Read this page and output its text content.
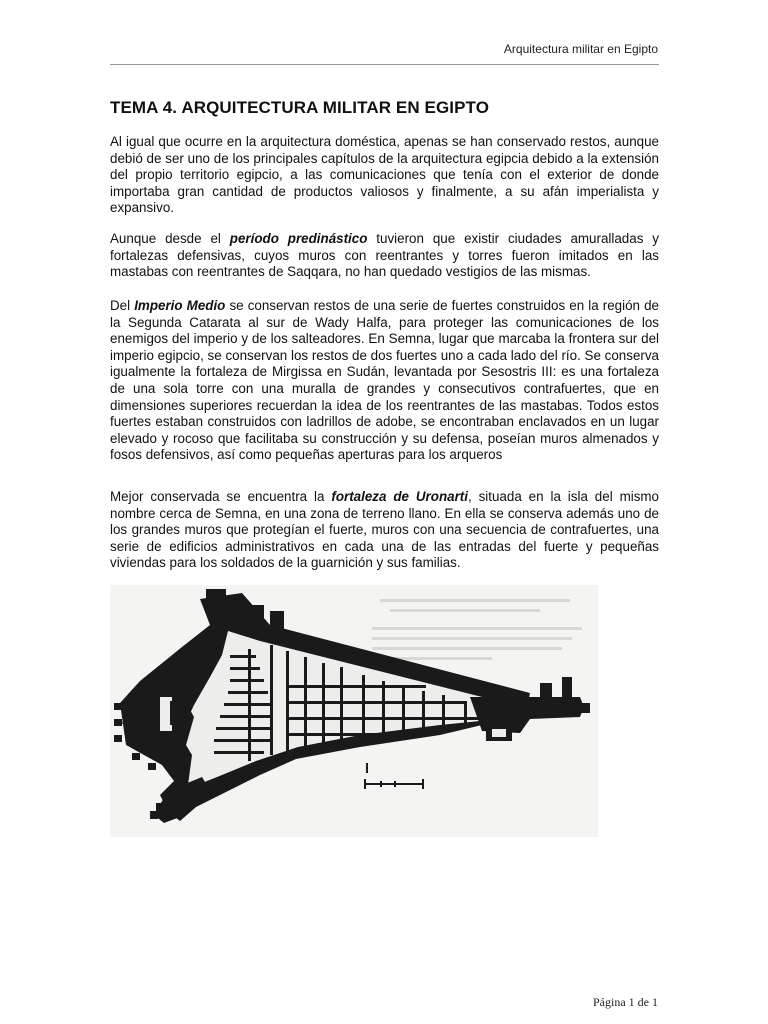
Arquitectura militar en Egipto
TEMA 4. ARQUITECTURA MILITAR EN EGIPTO

Al igual que ocurre en la arquitectura doméstica, apenas se han conservado restos, aunque debió de ser uno de los principales capítulos de la arquitectura egipcia debido a la extensión del propio territorio egipcio, a las comunicaciones que tenía con el exterior de donde importaba gran cantidad de productos valiosos y finalmente, a su afán imperialista y expansivo.

Aunque desde el período predinástico tuvieron que existir ciudades amuralladas y fortalezas defensivas, cuyos muros con reentrantes y torres fueron imitados en las mastabas con reentrantes de Saqqara, no han quedado vestigios de las mismas.

Del Imperio Medio se conservan restos de una serie de fuertes construidos en la región de la Segunda Catarata al sur de Wady Halfa, para proteger las comunicaciones de los enemigos del imperio y de los salteadores. En Semna, lugar que marcaba la frontera sur del imperio egipcio, se conservan los restos de dos fuertes uno a cada lado del río. Se conserva igualmente la fortaleza de Mirgissa en Sudán, levantada por Sesostris III: es una fortaleza de una sola torre con una muralla de grandes y consecutivos contrafuertes, que en dimensiones superiores recuerdan la idea de los reentrantes de las mastabas. Todos estos fuertes estaban construidos con ladrillos de adobe, se encontraban enclavados en un lugar elevado y rocoso que facilitaba su construcción y su defensa, poseían muros almenados y fosos defensivos, así como pequeñas aperturas para los arqueros

Mejor conservada se encuentra la fortaleza de Uronarti, situada en la isla del mismo nombre cerca de Semna, en una zona de terreno llano. En ella se conserva además uno de los grandes muros que protegían el fuerte, muros con una secuencia de contrafuertes, una serie de edificios administrativos en cada una de las entradas del fuerte y pequeñas viviendas para los soldados de la guarnición y sus familias.

Página 1 de 1
